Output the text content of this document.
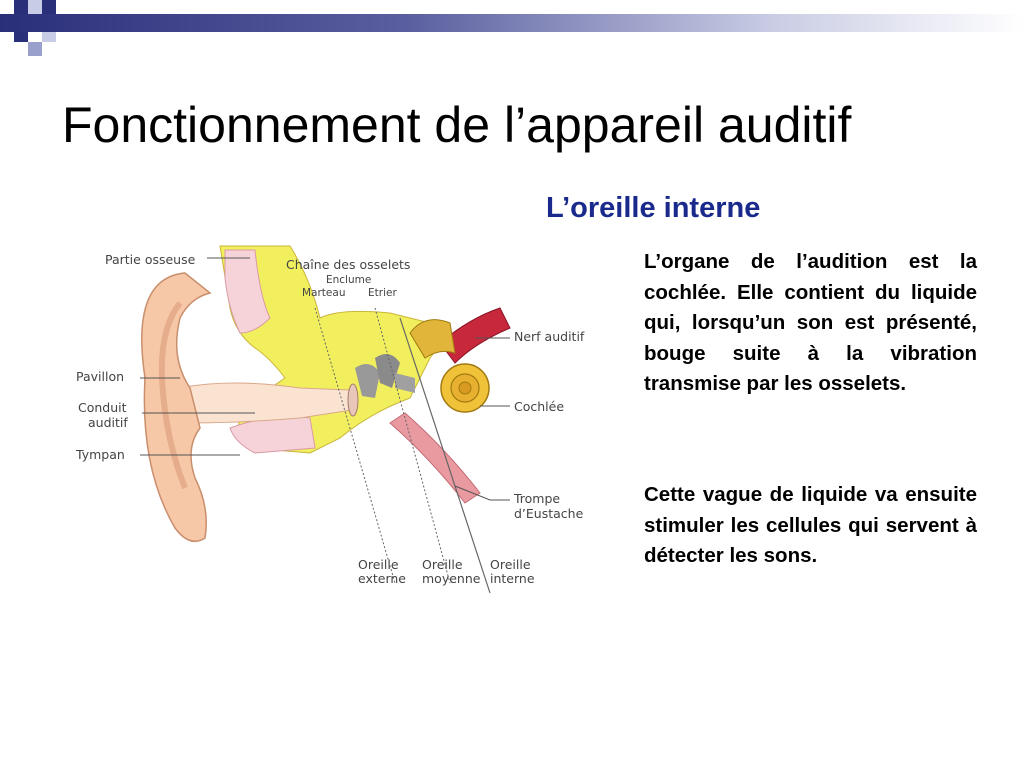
Fonctionnement de l’appareil auditif
L’oreille interne
L’organe de l’audition est la cochlée. Elle contient du liquide qui, lorsqu’un son est présenté, bouge suite à la vibration transmise par les osselets.
Cette vague de liquide va ensuite stimuler les cellules qui servent à détecter les sons.
Partie osseuse	Chaîne des osselets
Enclume
Marteau Etrier
Nerf auditif
Pavillon
Conduit
auditif
Tympan
Cochlée
Trompe
d’Eustache
Oreille
externe
Oreille
moyenne
Oreille
interne
